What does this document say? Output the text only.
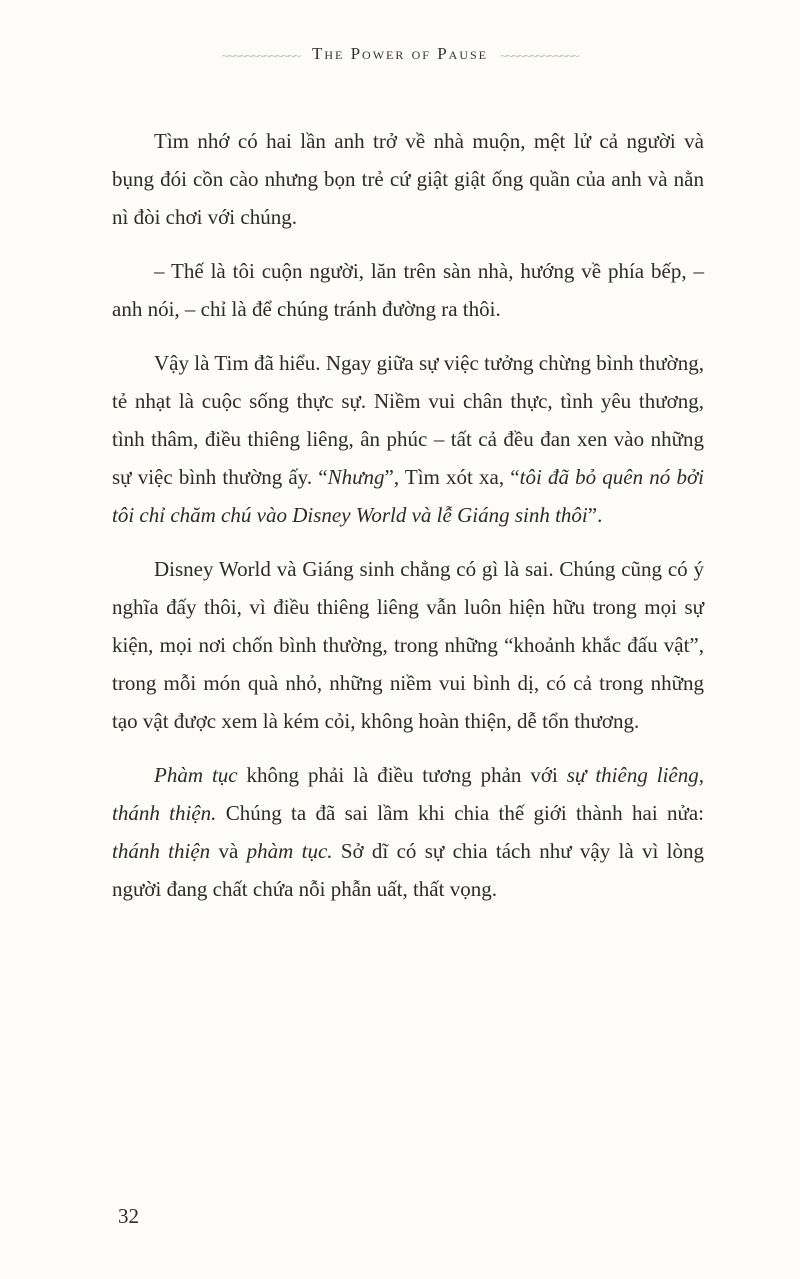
~~~~~~~~~~~~~ The Power of Pause ~~~~~~~~~~~~~

Tìm nhớ có hai lần anh trở về nhà muộn, mệt lử cả người và bụng đói cồn cào nhưng bọn trẻ cứ giật giật ống quần của anh và nằn nì đòi chơi với chúng.

– Thế là tôi cuộn người, lăn trên sàn nhà, hướng về phía bếp, – anh nói, – chỉ là để chúng tránh đường ra thôi.

Vậy là Tim đã hiểu. Ngay giữa sự việc tưởng chừng bình thường, tẻ nhạt là cuộc sống thực sự. Niềm vui chân thực, tình yêu thương, tình thâm, điều thiêng liêng, ân phúc – tất cả đều đan xen vào những sự việc bình thường ấy. “Nhưng”, Tìm xót xa, “tôi đã bỏ quên nó bởi tôi chỉ chăm chú vào Disney World và lễ Giáng sinh thôi”.

Disney World và Giáng sinh chẳng có gì là sai. Chúng cũng có ý nghĩa đấy thôi, vì điều thiêng liêng vẫn luôn hiện hữu trong mọi sự kiện, mọi nơi chốn bình thường, trong những “khoảnh khắc đấu vật”, trong mỗi món quà nhỏ, những niềm vui bình dị, có cả trong những tạo vật được xem là kém cỏi, không hoàn thiện, dễ tổn thương.

Phàm tục không phải là điều tương phản với sự thiêng liêng, thánh thiện. Chúng ta đã sai lầm khi chia thế giới thành hai nửa: thánh thiện và phàm tục. Sở dĩ có sự chia tách như vậy là vì lòng người đang chất chứa nỗi phẫn uất, thất vọng.

32
